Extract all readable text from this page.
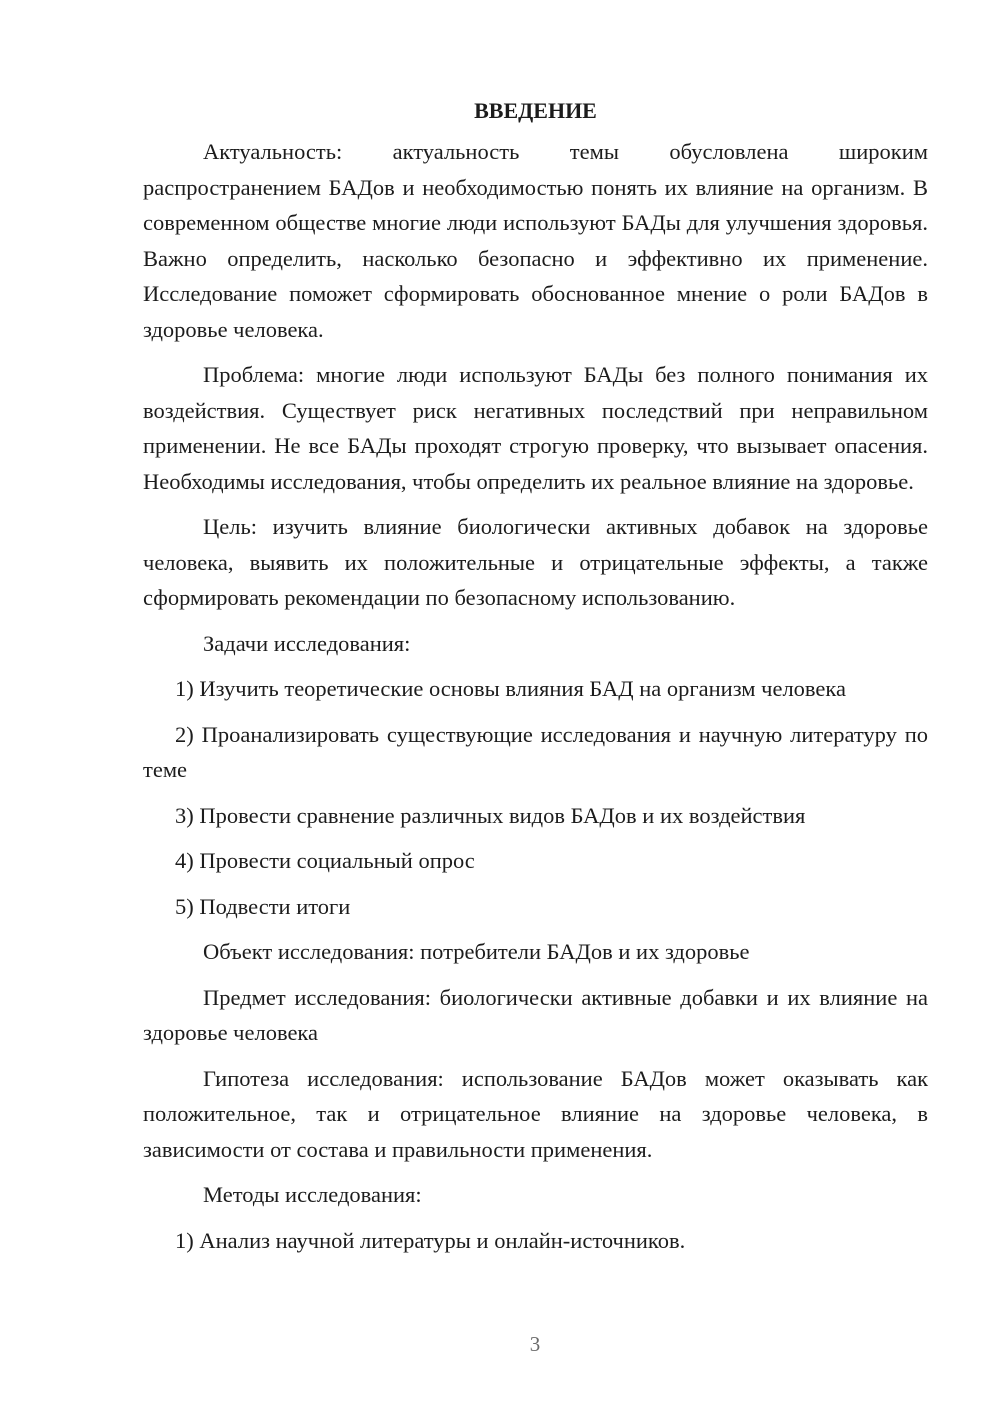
ВВЕДЕНИЕ

Актуальность: актуальность темы обусловлена широким распространением БАДов и необходимостью понять их влияние на организм. В современном обществе многие люди используют БАДы для улучшения здоровья. Важно определить, насколько безопасно и эффективно их применение. Исследование поможет сформировать обоснованное мнение о роли БАДов в здоровье человека.

Проблема: многие люди используют БАДы без полного понимания их воздействия. Существует риск негативных последствий при неправильном применении. Не все БАДы проходят строгую проверку, что вызывает опасения. Необходимы исследования, чтобы определить их реальное влияние на здоровье.

Цель: изучить влияние биологически активных добавок на здоровье человека, выявить их положительные и отрицательные эффекты, а также сформировать рекомендации по безопасному использованию.

Задачи исследования:

1) Изучить теоретические основы влияния БАД на организм человека

2) Проанализировать существующие исследования и научную литературу по теме

3) Провести сравнение различных видов БАДов и их воздействия

4) Провести социальный опрос

5) Подвести итоги

Объект исследования: потребители БАДов и их здоровье

Предмет исследования: биологически активные добавки и их влияние на здоровье человека

Гипотеза исследования: использование БАДов может оказывать как положительное, так и отрицательное влияние на здоровье человека, в зависимости от состава и правильности применения.

Методы исследования:

1) Анализ научной литературы и онлайн-источников.

3
